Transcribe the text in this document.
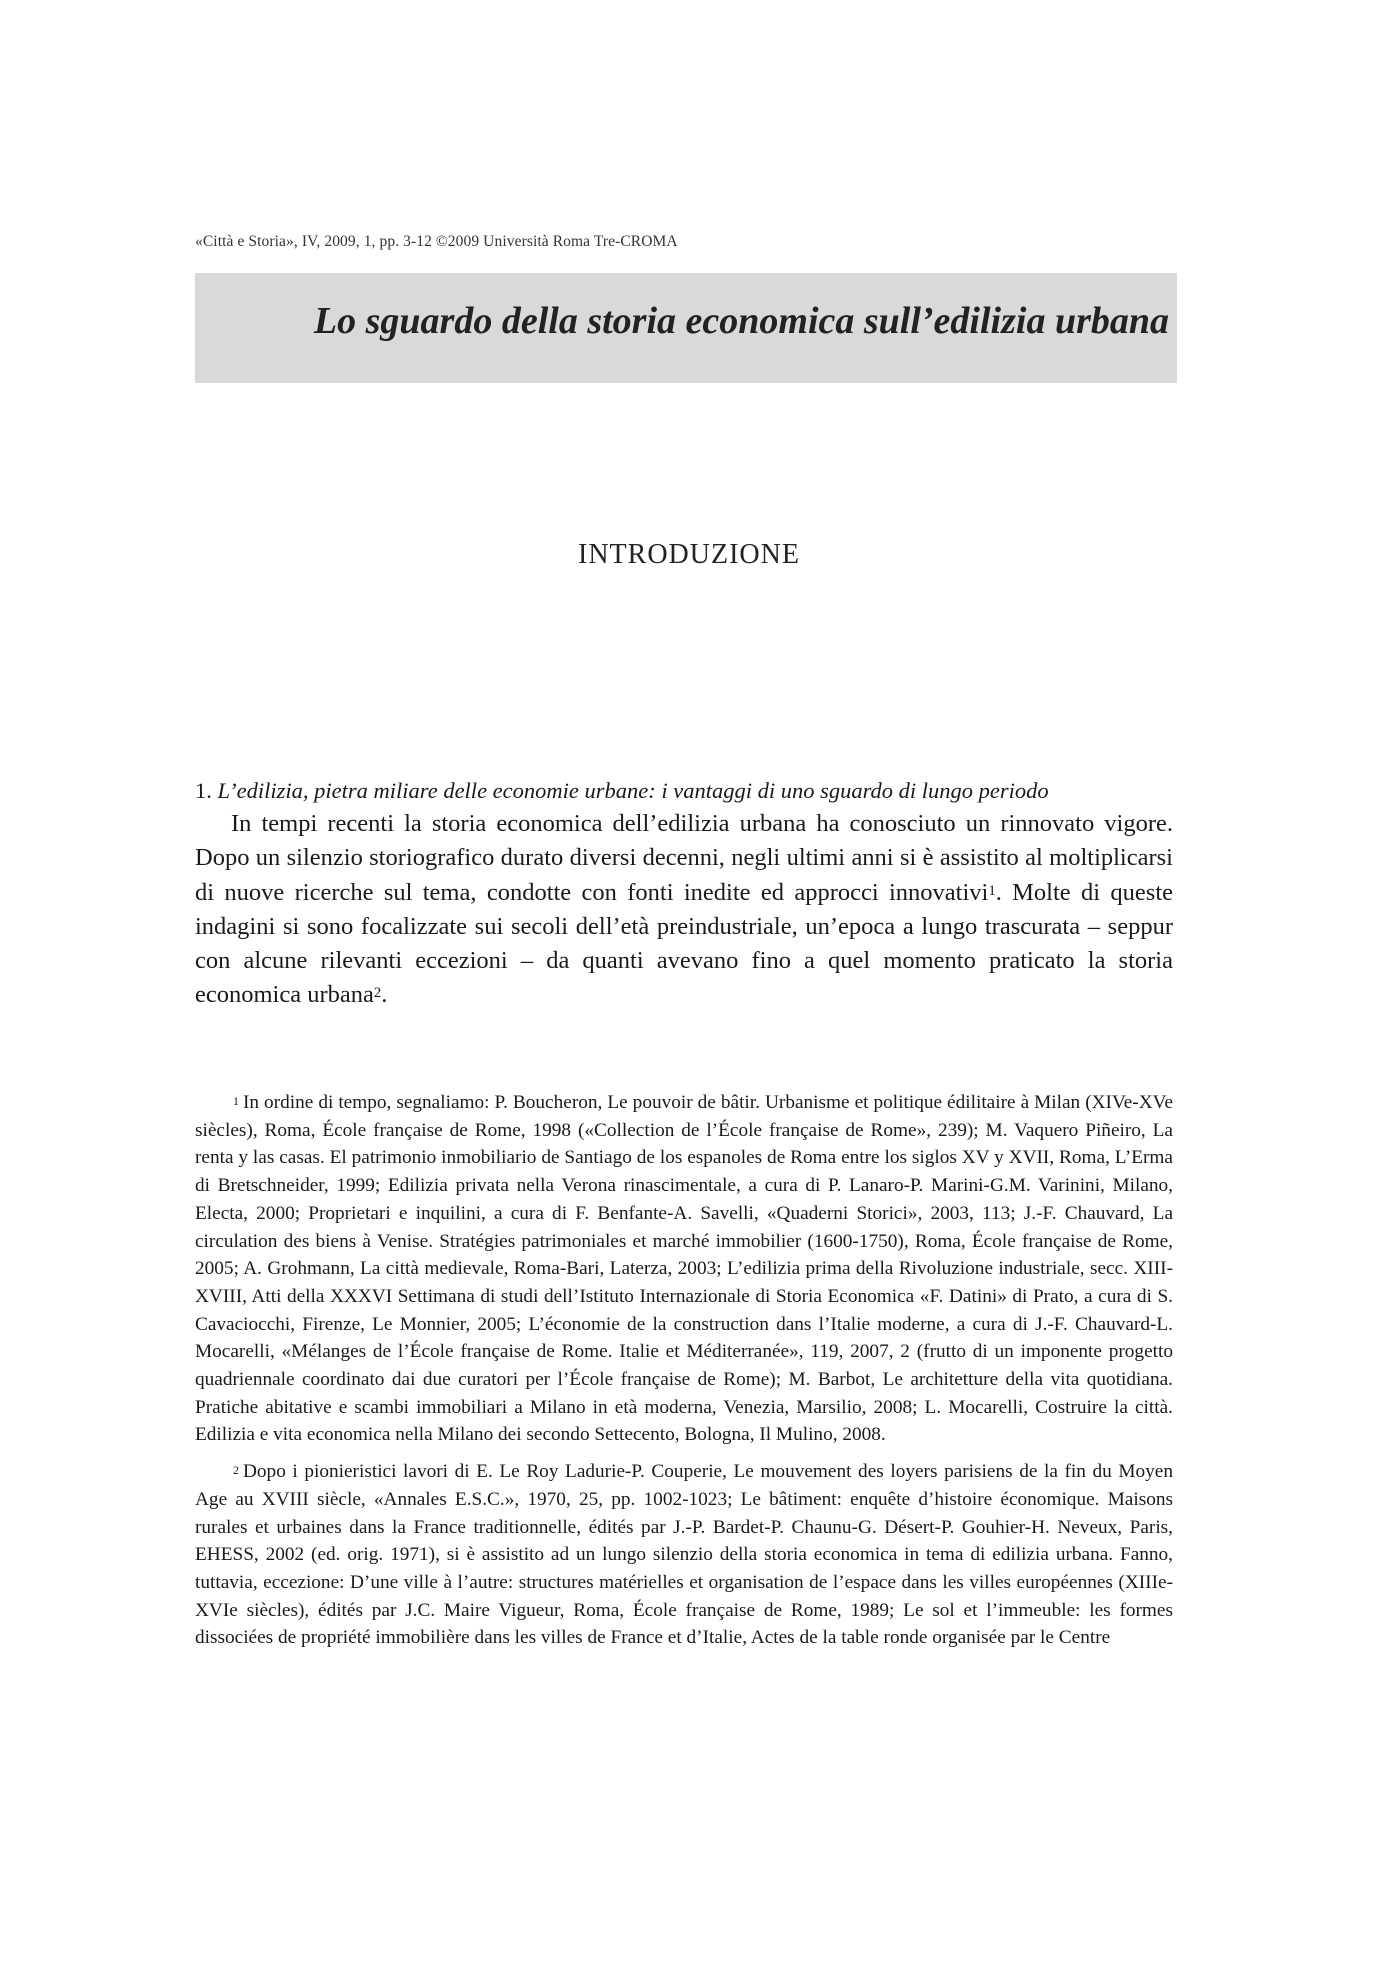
«Città e Storia», IV, 2009, 1, pp. 3-12 ©2009 Università Roma Tre-CROMA
Lo sguardo della storia economica sull’edilizia urbana
INTRODUZIONE
1. L’edilizia, pietra miliare delle economie urbane: i vantaggi di uno sguardo di lungo periodo

In tempi recenti la storia economica dell’edilizia urbana ha conosciuto un rinnovato vigore. Dopo un silenzio storiografico durato diversi decenni, negli ultimi anni si è assistito al moltiplicarsi di nuove ricerche sul tema, condotte con fonti inedite ed approcci innovativi$^1$. Molte di queste indagini si sono focalizzate sui secoli dell’età preindustriale, un’epoca a lungo trascurata – seppur con alcune rilevanti eccezioni – da quanti avevano fino a quel momento praticato la storia economica urbana$^2$.

$^1$ In ordine di tempo, segnaliamo: P. Boucheron, Le pouvoir de bâtir. Urbanisme et politique édilitaire à Milan (XIVe-XVe siècles), Roma, École française de Rome, 1998 («Collection de l’École française de Rome», 239); M. Vaquero Piñeiro, La renta y las casas. El patrimonio inmobiliario de Santiago de los espanoles de Roma entre los siglos XV y XVII, Roma, L’Erma di Bretschneider, 1999; Edilizia privata nella Verona rinascimentale, a cura di P. Lanaro-P. Marini-G.M. Varinini, Milano, Electa, 2000; Proprietari e inquilini, a cura di F. Benfante-A. Savelli, «Quaderni Storici», 2003, 113; J.-F. Chauvard, La circulation des biens à Venise. Stratégies patrimoniales et marché immobilier (1600-1750), Roma, École française de Rome, 2005; A. Grohmann, La città medievale, Roma-Bari, Laterza, 2003; L’edilizia prima della Rivoluzione industriale, secc. XIII-XVIII, Atti della XXXVI Settimana di studi dell’Istituto Internazionale di Storia Economica «F. Datini» di Prato, a cura di S. Cavaciocchi, Firenze, Le Monnier, 2005; L’économie de la construction dans l’Italie moderne, a cura di J.-F. Chauvard-L. Mocarelli, «Mélanges de l’École française de Rome. Italie et Méditerranée», 119, 2007, 2 (frutto di un imponente progetto quadriennale coordinato dai due curatori per l’École française de Rome); M. Barbot, Le architetture della vita quotidiana. Pratiche abitative e scambi immobiliari a Milano in età moderna, Venezia, Marsilio, 2008; L. Mocarelli, Costruire la città. Edilizia e vita economica nella Milano dei secondo Settecento, Bologna, Il Mulino, 2008.

$^2$ Dopo i pionieristici lavori di E. Le Roy Ladurie-P. Couperie, Le mouvement des loyers parisiens de la fin du Moyen Age au XVIII siècle, «Annales E.S.C.», 1970, 25, pp. 1002-1023; Le bâtiment: enquête d’histoire économique. Maisons rurales et urbaines dans la France traditionnelle, édités par J.-P. Bardet-P. Chaunu-G. Désert-P. Gouhier-H. Neveux, Paris, EHESS, 2002 (ed. orig. 1971), si è assistito ad un lungo silenzio della storia economica in tema di edilizia urbana. Fanno, tuttavia, eccezione: D’une ville à l’autre: structures matérielles et organisation de l’espace dans les villes européennes (XIIIe-XVIe siècles), édités par J.C. Maire Vigueur, Roma, École française de Rome, 1989; Le sol et l’immeuble: les formes dissociées de propriété immobilière dans les villes de France et d’Italie, Actes de la table ronde organisée par le Centre
